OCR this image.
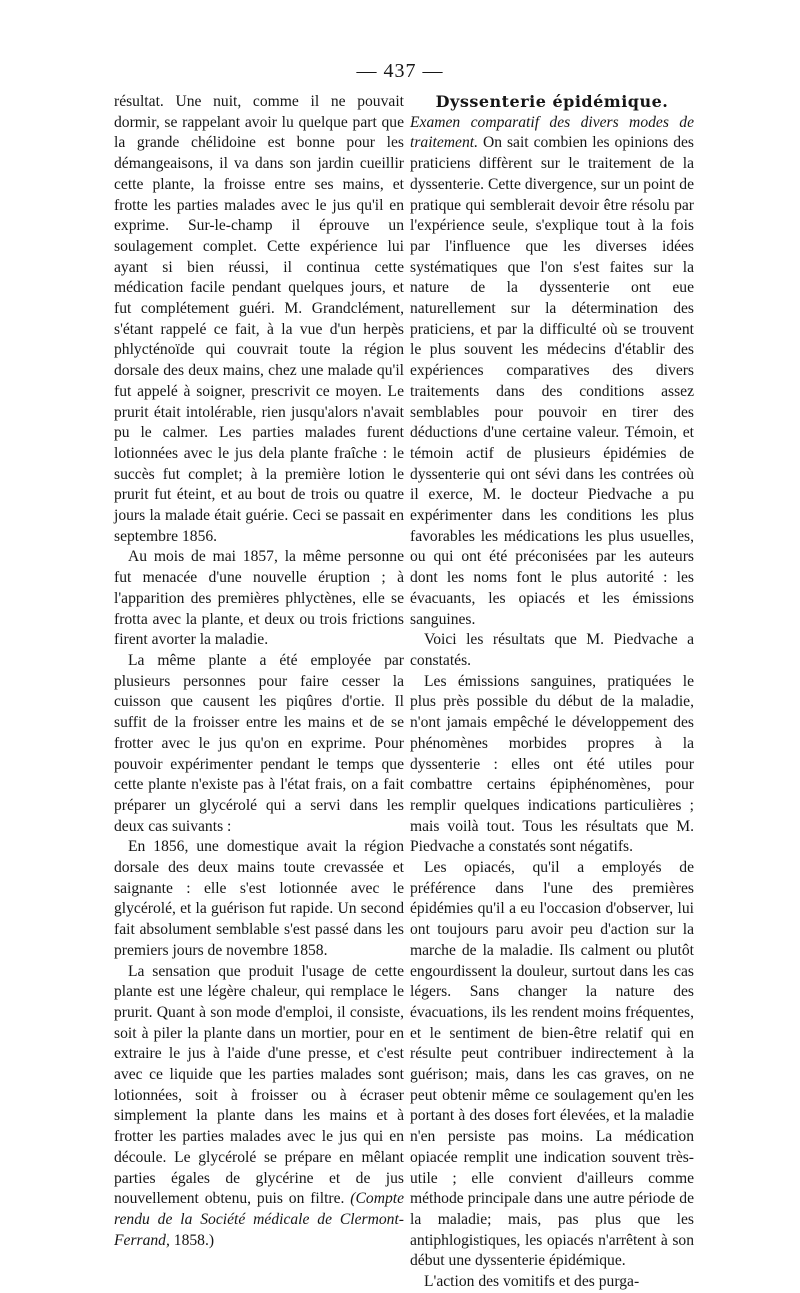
— 437 —

résultat. Une nuit, comme il ne pouvait dormir, se rappelant avoir lu quelque part que la grande chélidoine est bonne pour les démangeaisons, il va dans son jardin cueillir cette plante, la froisse entre ses mains, et frotte les parties malades avec le jus qu'il en exprime. Sur-le-champ il éprouve un soulagement complet. Cette expérience lui ayant si bien réussi, il continua cette médication facile pendant quelques jours, et fut complétement guéri. M. Grandclément, s'étant rappelé ce fait, à la vue d'un herpès phlycténoïde qui couvrait toute la région dorsale des deux mains, chez une malade qu'il fut appelé à soigner, prescrivit ce moyen. Le prurit était intolérable, rien jusqu'alors n'avait pu le calmer. Les parties malades furent lotionnées avec le jus dela plante fraîche : le succès fut complet; à la première lotion le prurit fut éteint, et au bout de trois ou quatre jours la malade était guérie. Ceci se passait en septembre 1856.

Au mois de mai 1857, la même personne fut menacée d'une nouvelle éruption ; à l'apparition des premières phlyctènes, elle se frotta avec la plante, et deux ou trois frictions firent avorter la maladie.

La même plante a été employée par plusieurs personnes pour faire cesser la cuisson que causent les piqûres d'ortie. Il suffit de la froisser entre les mains et de se frotter avec le jus qu'on en exprime. Pour pouvoir expérimenter pendant le temps que cette plante n'existe pas à l'état frais, on a fait préparer un glycérolé qui a servi dans les deux cas suivants :

En 1856, une domestique avait la région dorsale des deux mains toute crevassée et saignante : elle s'est lotionnée avec le glycérolé, et la guérison fut rapide. Un second fait absolument semblable s'est passé dans les premiers jours de novembre 1858.

La sensation que produit l'usage de cette plante est une légère chaleur, qui remplace le prurit. Quant à son mode d'emploi, il consiste, soit à piler la plante dans un mortier, pour en extraire le jus à l'aide d'une presse, et c'est avec ce liquide que les parties malades sont lotionnées, soit à froisser ou à écraser simplement la plante dans les mains et à frotter les parties malades avec le jus qui en découle. Le glycérolé se prépare en mêlant parties égales de glycérine et de jus nouvellement obtenu, puis on filtre. (Compte rendu de la Société médicale de Clermont-Ferrand, 1858.)

Dyssenterie épidémique.

Examen comparatif des divers modes de traitement. On sait combien les opinions des praticiens diffèrent sur le traitement de la dyssenterie. Cette divergence, sur un point de pratique qui semblerait devoir être résolu par l'expérience seule, s'explique tout à la fois par l'influence que les diverses idées systématiques que l'on s'est faites sur la nature de la dyssenterie ont eue naturellement sur la détermination des praticiens, et par la difficulté où se trouvent le plus souvent les médecins d'établir des expériences comparatives des divers traitements dans des conditions assez semblables pour pouvoir en tirer des déductions d'une certaine valeur. Témoin, et témoin actif de plusieurs épidémies de dyssenterie qui ont sévi dans les contrées où il exerce, M. le docteur Piedvache a pu expérimenter dans les conditions les plus favorables les médications les plus usuelles, ou qui ont été préconisées par les auteurs dont les noms font le plus autorité : les évacuants, les opiacés et les émissions sanguines.

Voici les résultats que M. Piedvache a constatés.

Les émissions sanguines, pratiquées le plus près possible du début de la maladie, n'ont jamais empêché le développement des phénomènes morbides propres à la dyssenterie : elles ont été utiles pour combattre certains épiphénomènes, pour remplir quelques indications particulières ; mais voilà tout. Tous les résultats que M. Piedvache a constatés sont négatifs.

Les opiacés, qu'il a employés de préférence dans l'une des premières épidémies qu'il a eu l'occasion d'observer, lui ont toujours paru avoir peu d'action sur la marche de la maladie. Ils calment ou plutôt engourdissent la douleur, surtout dans les cas légers. Sans changer la nature des évacuations, ils les rendent moins fréquentes, et le sentiment de bien-être relatif qui en résulte peut contribuer indirectement à la guérison; mais, dans les cas graves, on ne peut obtenir même ce soulagement qu'en les portant à des doses fort élevées, et la maladie n'en persiste pas moins. La médication opiacée remplit une indication souvent très-utile ; elle convient d'ailleurs comme méthode principale dans une autre période de la maladie; mais, pas plus que les antiphlogistiques, les opiacés n'arrêtent à son début une dyssenterie épidémique.

L'action des vomitifs et des purga-
